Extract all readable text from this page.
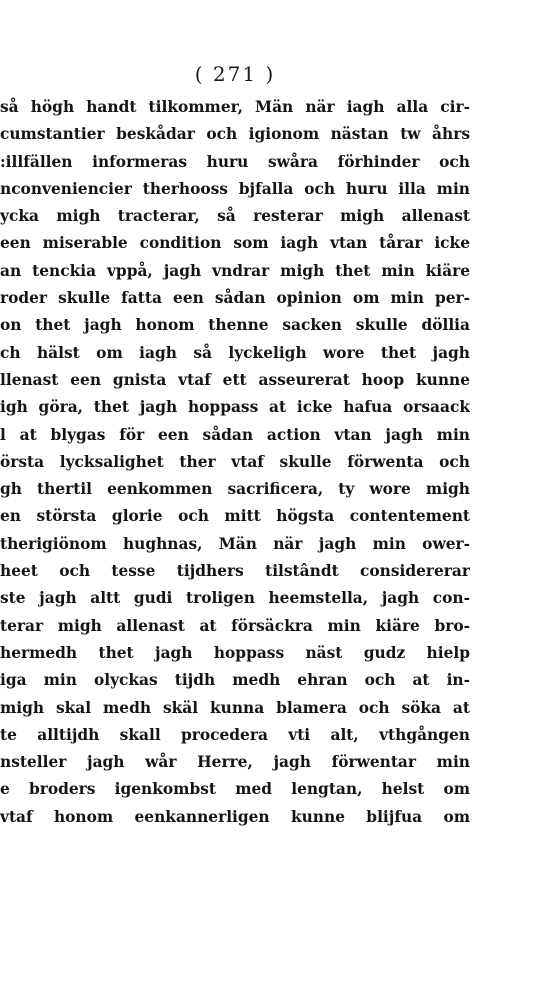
( 271 )
så högh handt tilkommer, Män när iagh alla cir-
cumstantier beskådar och igionom nästan tw åhrs
:illfällen informeras huru swåra förhinder och
nconveniencier therhooss bjfalla och huru illa min
ycka migh tracterar, så resterar migh allenast
een miserable condition som iagh vtan tårar icke
an tenckia vppå, jagh vndrar migh thet min kiäre
roder skulle fatta een sådan opinion om min per-
on thet jagh honom thenne sacken skulle döllia
ch hälst om iagh så lyckeligh wore thet jagh
llenast een gnista vtaf ett asseurerat hoop kunne
igh göra, thet jagh hoppass at icke hafua orsaack
l at blygas för een sådan action vtan jagh min
örsta lycksalighet ther vtaf skulle förwenta och
gh thertil eenkommen sacrificera, ty wore migh
en största glorie och mitt högsta contentement
therigiönom hughnas, Män när jagh min ower-
heet och tesse tijdhers tilstândt considererar
ste jagh altt gudi troligen heemstella, jagh con-
terar migh allenast at försäckra min kiäre bro-
hermedh thet jagh hoppass näst gudz hielp
iga min olyckas tijdh medh ehran och at in-
migh skal medh skäl kunna blamera och söka at
te alltijdh skall procedera vti alt, vthgången
nsteller jagh wår Herre, jagh förwentar min
e broders igenkombst med lengtan, helst om
vtaf honom eenkannerligen kunne blijfua om
